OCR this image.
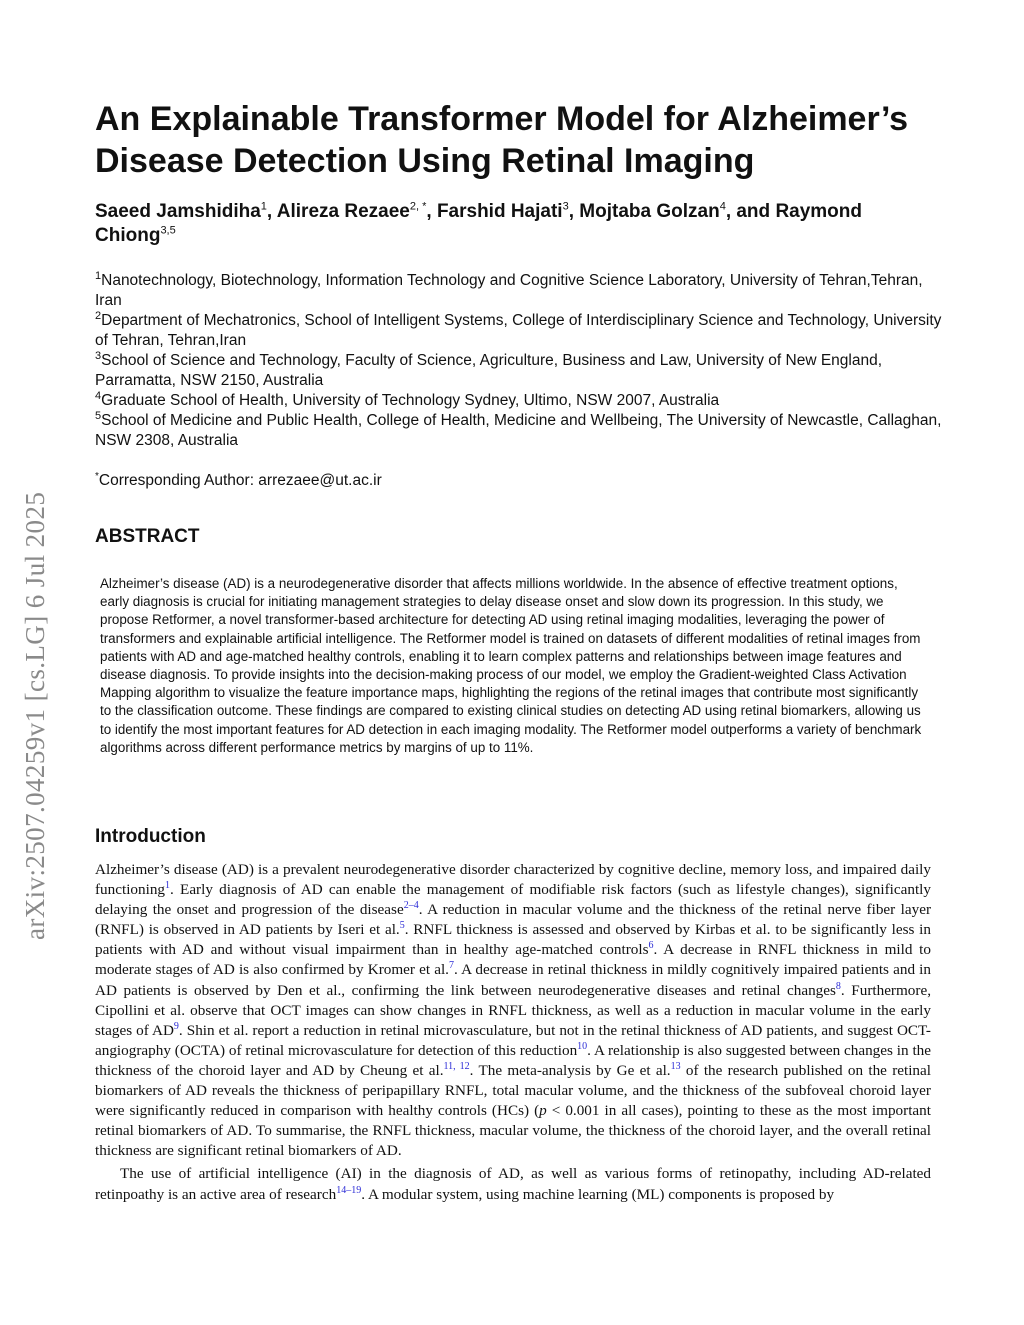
arXiv:2507.04259v1 [cs.LG] 6 Jul 2025
An Explainable Transformer Model for Alzheimer’s Disease Detection Using Retinal Imaging

Saeed Jamshidiha$^1$, Alireza Rezaee$^{2, *}$, Farshid Hajati$^3$, Mojtaba Golzan$^4$, and Raymond Chiong$^{3,5}$

$^1$Nanotechnology, Biotechnology, Information Technology and Cognitive Science Laboratory, University of Tehran,Tehran, Iran
$^2$Department of Mechatronics, School of Intelligent Systems, College of Interdisciplinary Science and Technology, University of Tehran, Tehran,Iran
$^3$School of Science and Technology, Faculty of Science, Agriculture, Business and Law, University of New England, Parramatta, NSW 2150, Australia
$^4$Graduate School of Health, University of Technology Sydney, Ultimo, NSW 2007, Australia
$^5$School of Medicine and Public Health, College of Health, Medicine and Wellbeing, The University of Newcastle, Callaghan, NSW 2308, Australia
*Corresponding Author: arrezaee@ut.ac.ir
ABSTRACT

Alzheimer’s disease (AD) is a neurodegenerative disorder that affects millions worldwide. In the absence of effective treatment options, early diagnosis is crucial for initiating management strategies to delay disease onset and slow down its progression. In this study, we propose Retformer, a novel transformer-based architecture for detecting AD using retinal imaging modalities, leveraging the power of transformers and explainable artificial intelligence. The Retformer model is trained on datasets of different modalities of retinal images from patients with AD and age-matched healthy controls, enabling it to learn complex patterns and relationships between image features and disease diagnosis. To provide insights into the decision-making process of our model, we employ the Gradient-weighted Class Activation Mapping algorithm to visualize the feature importance maps, highlighting the regions of the retinal images that contribute most significantly to the classification outcome. These findings are compared to existing clinical studies on detecting AD using retinal biomarkers, allowing us to identify the most important features for AD detection in each imaging modality. The Retformer model outperforms a variety of benchmark algorithms across different performance metrics by margins of up to 11%.

Introduction

Alzheimer’s disease (AD) is a prevalent neurodegenerative disorder characterized by cognitive decline, memory loss, and impaired daily functioning$^1$. Early diagnosis of AD can enable the management of modifiable risk factors (such as lifestyle changes), significantly delaying the onset and progression of the disease$^{2-4}$. A reduction in macular volume and the thickness of the retinal nerve fiber layer (RNFL) is observed in AD patients by Iseri et al.$^5$. RNFL thickness is assessed and observed by Kirbas et al. to be significantly less in patients with AD and without visual impairment than in healthy age-matched controls$^6$. A decrease in RNFL thickness in mild to moderate stages of AD is also confirmed by Kromer et al.$^7$. A decrease in retinal thickness in mildly cognitively impaired patients and in AD patients is observed by Den et al., confirming the link between neurodegenerative diseases and retinal changes$^8$. Furthermore, Cipollini et al. observe that OCT images can show changes in RNFL thickness, as well as a reduction in macular volume in the early stages of $AD^9$. Shin et al. report a reduction in retinal microvasculature, but not in the retinal thickness of AD patients, and suggest OCT-angiography (OCTA) of retinal microvasculature for detection of this reduction$^{10}$. A relationship is also suggested between changes in the thickness of the choroid layer and AD by Cheung et al.$^{11, 12}$. The meta-analysis by Ge et al.$^{13}$ of the research published on the retinal biomarkers of AD reveals the thickness of peripapillary RNFL, total macular volume, and the thickness of the subfoveal choroid layer were significantly reduced in comparison with healthy controls (HCs) (p < 0.001 in all cases), pointing to these as the most important retinal biomarkers of AD. To summarise, the RNFL thickness, macular volume, the thickness of the choroid layer, and the overall retinal thickness are significant retinal biomarkers of AD.

The use of artificial intelligence (AI) in the diagnosis of AD, as well as various forms of retinopathy, including AD-related retinpoathy is an active area of research$^{14-19}$. A modular system, using machine learning (ML) components is proposed by
